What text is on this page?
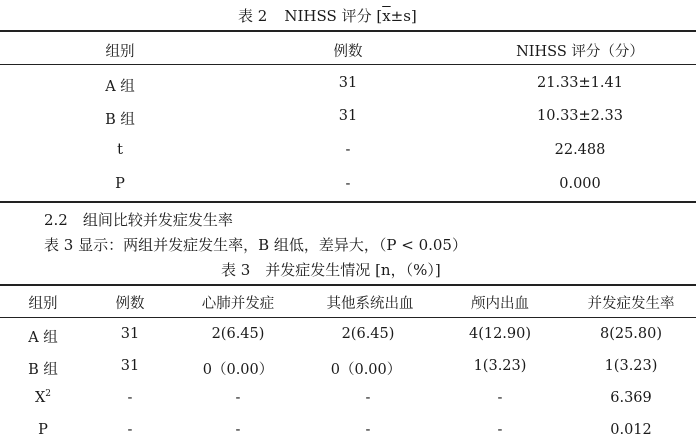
表 2   NIHSS 评分 $[\overline{x}\pm s]$
组别	例数	NIHSS 评分（分）
A 组	31	21.33±1.41
B 组	31	10.33±2.33
t	-	22.488
P	-	0.000
2.2　组间比较并发症发生率
表 3 显示：两组并发症发生率，B 组低，差异大，（P < 0.05）
表 3　并发症发生情况 [n，（%）]
组别	例数	心肺并发症	其他系统出血	颅内出血	并发症发生率
A 组	31	2(6.45)	2(6.45)	4(12.90)	8(25.80)
B 组	31	0（0.00）	0（0.00）	1(3.23)	1(3.23)
$X^2$	-	-	-	-	6.369
P	-	-	-	-	0.012
